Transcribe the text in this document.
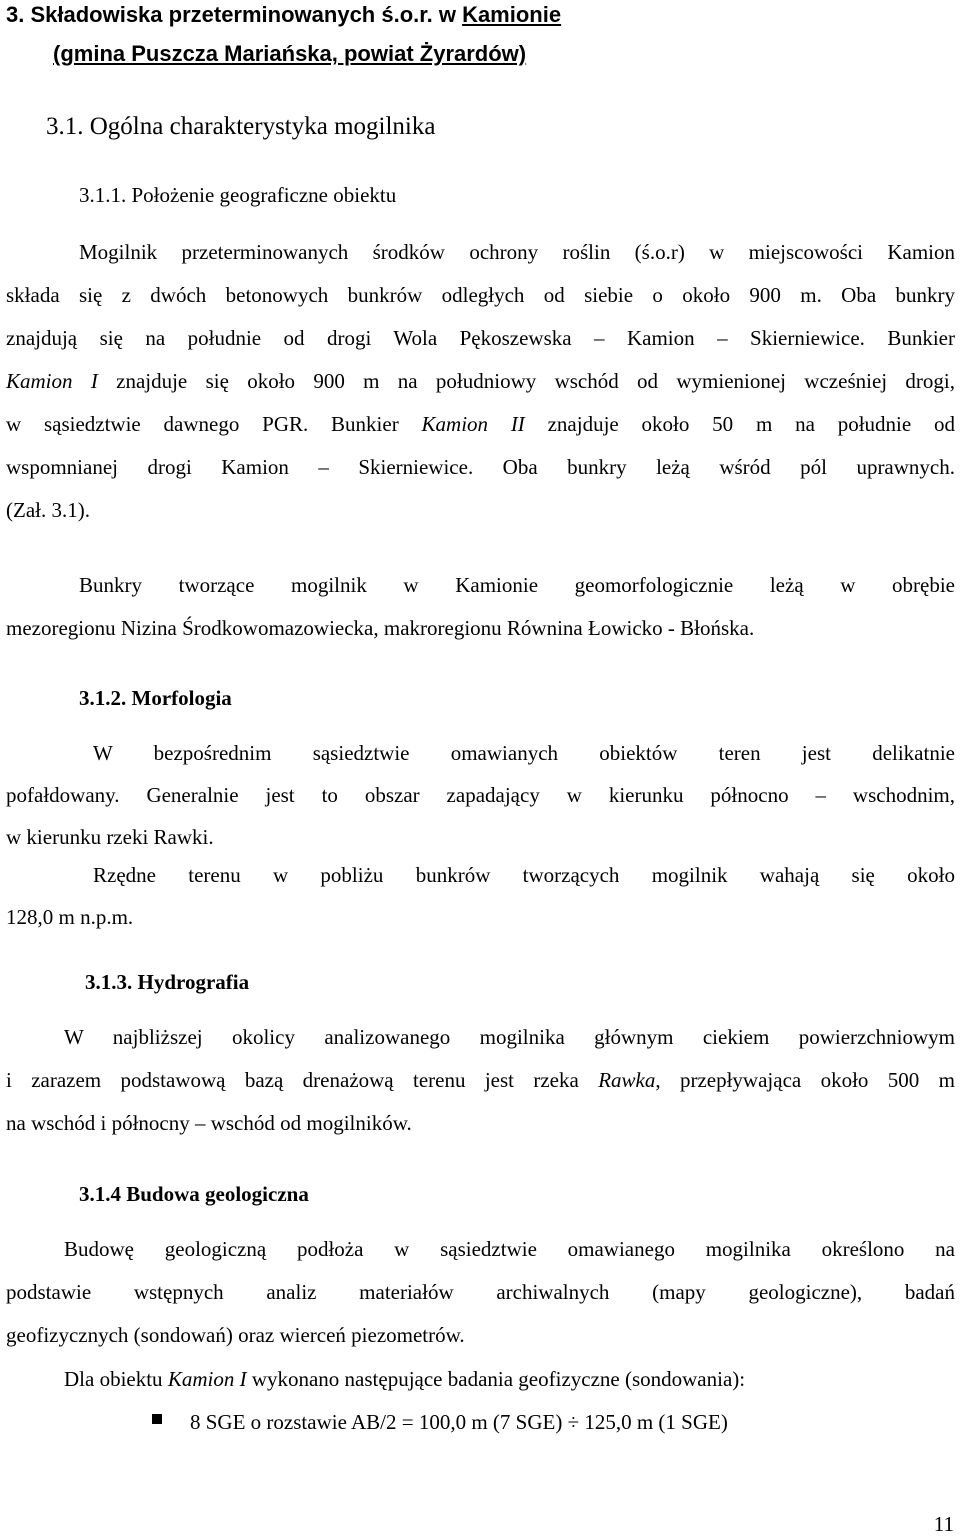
3. Składowiska przeterminowanych ś.o.r. w Kamionie
(gmina Puszcza Mariańska, powiat Żyrardów)
3.1. Ogólna charakterystyka mogilnika
3.1.1. Położenie geograficzne obiektu
Mogilnik przeterminowanych środków ochrony roślin (ś.o.r) w miejscowości Kamion
składa się z dwóch betonowych bunkrów odległych od siebie o około 900 m. Oba bunkry
znajdują się na południe od drogi Wola Pękoszewska – Kamion – Skierniewice. Bunkier
Kamion I znajduje się około 900 m na południowy wschód od wymienionej wcześniej drogi,
w sąsiedztwie dawnego PGR. Bunkier Kamion II znajduje około 50 m na południe od
wspomnianej drogi Kamion – Skierniewice. Oba bunkry leżą wśród pól uprawnych.
(Zał. 3.1).
Bunkry tworzące mogilnik w Kamionie geomorfologicznie leżą w obrębie
mezoregionu Nizina Środkowomazowiecka, makroregionu Równina Łowicko - Błońska.
3.1.2. Morfologia
W bezpośrednim sąsiedztwie omawianych obiektów teren jest delikatnie
pofałdowany. Generalnie jest to obszar zapadający w kierunku północno – wschodnim,
w kierunku rzeki Rawki.
Rzędne terenu w pobliżu bunkrów tworzących mogilnik wahają się około
128,0 m n.p.m.
3.1.3. Hydrografia
W najbliższej okolicy analizowanego mogilnika głównym ciekiem powierzchniowym
i zarazem podstawową bazą drenażową terenu jest rzeka Rawka, przepływająca około 500 m
na wschód i północny – wschód od mogilników.
3.1.4 Budowa geologiczna
Budowę geologiczną podłoża w sąsiedztwie omawianego mogilnika określono na
podstawie wstępnych analiz materiałów archiwalnych (mapy geologiczne), badań
geofizycznych (sondowań) oraz wierceń piezometrów.
Dla obiektu Kamion I wykonano następujące badania geofizyczne (sondowania):
8 SGE o rozstawie AB/2 = 100,0 m (7 SGE) ÷ 125,0 m (1 SGE)
11
